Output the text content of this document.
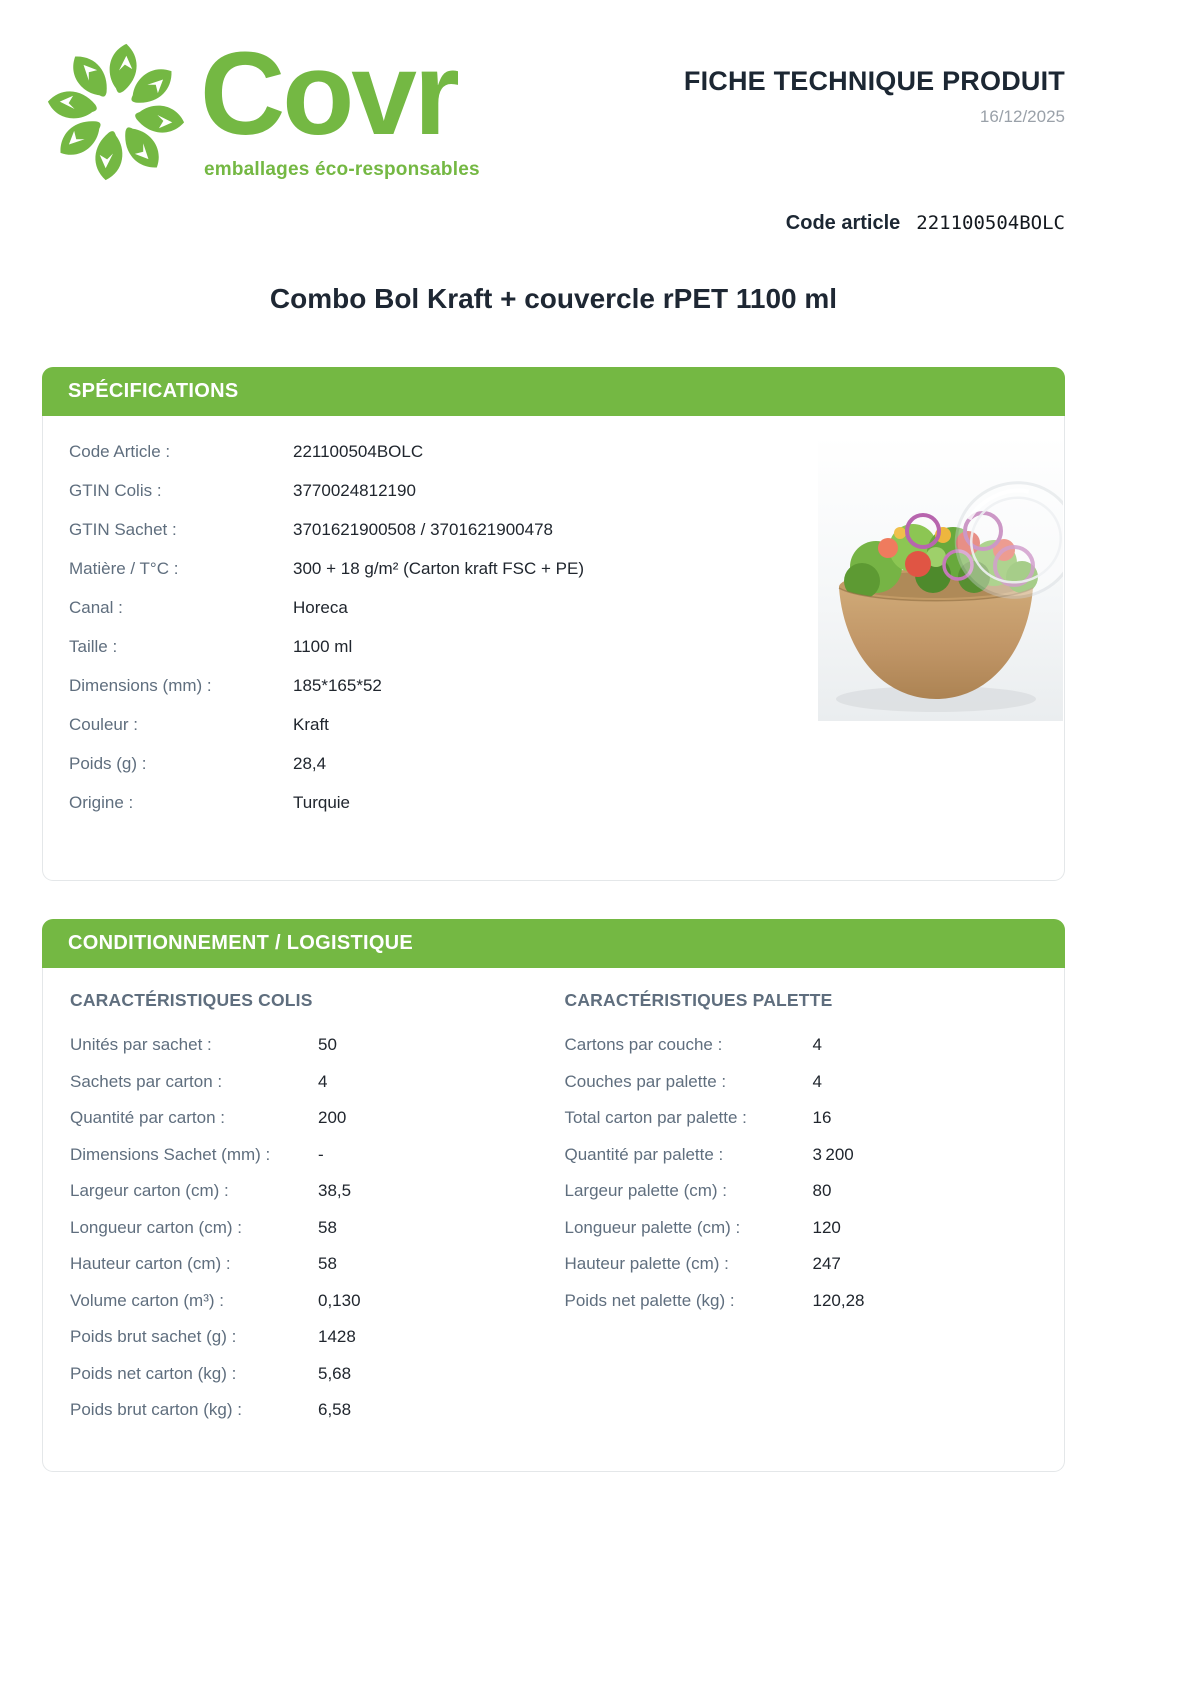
Covr
emballages éco-responsables
FICHE TECHNIQUE PRODUIT
16/12/2025
Code article 221100504BOLC
Combo Bol Kraft + couvercle rPET 1100 ml
SPÉCIFICATIONS
Code Article :	221100504BOLC
GTIN Colis :	3770024812190
GTIN Sachet :	3701621900508 / 3701621900478
Matière / T°C :	300 + 18 g/m² (Carton kraft FSC + PE)
Canal :	Horeca
Taille :	1100 ml
Dimensions (mm) :	185*165*52
Couleur :	Kraft
Poids (g) :	28,4
Origine :	Turquie
CONDITIONNEMENT / LOGISTIQUE
CARACTÉRISTIQUES COLIS
Unités par sachet :	50
Sachets par carton :	4
Quantité par carton :	200
Dimensions Sachet (mm) :	-
Largeur carton (cm) :	38,5
Longueur carton (cm) :	58
Hauteur carton (cm) :	58
Volume carton (m³) :	0,130
Poids brut sachet (g) :	1428
Poids net carton (kg) :	5,68
Poids brut carton (kg) :	6,58
CARACTÉRISTIQUES PALETTE
Cartons par couche :	4
Couches par palette :	4
Total carton par palette :	16
Quantité par palette :	3 200
Largeur palette (cm) :	80
Longueur palette (cm) :	120
Hauteur palette (cm) :	247
Poids net palette (kg) :	120,28
